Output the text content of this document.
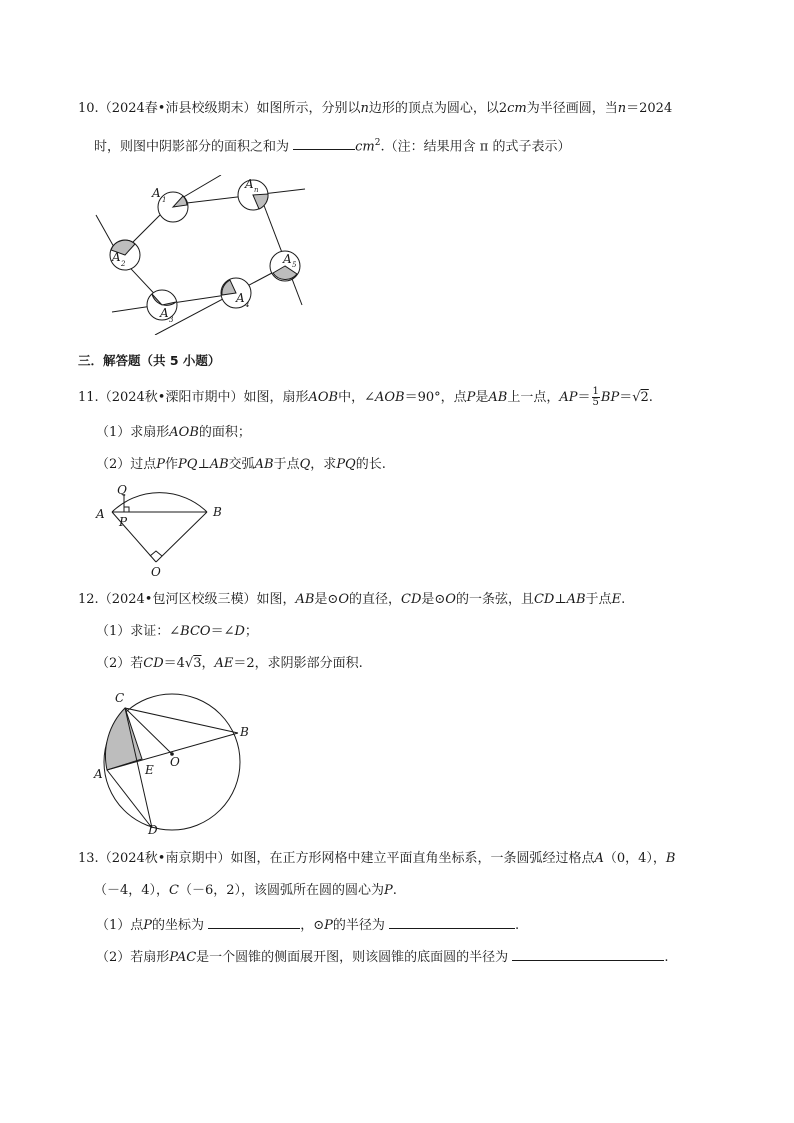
10.（2024春•沛县校级期末）如图所示，分别以n边形的顶点为圆心，以2cm为半径画圆，当n＝2024
时，则图中阴影部分的面积之和为	$cm^2$.（注：结果用含 π 的式子表示）
A 1
A n
A 2	A 5
A 3
A 4
三．解答题（共 5 小题）
11.（2024秋•溧阳市期中）如图，扇形AOB中，∠AOB＝90°，点P是AB上一点，$AP= \frac{1}{5} BP=√2$.
（1）求扇形AOB的面积；
（2）过点P作PQ⊥AB交弧AB于点Q，求PQ的长.
Q
A
P
B
O
12.（2024•包河区校级三模）如图，AB是⊙O的直径，CD是⊙O的一条弦，且CD⊥AB于点E.
（1）求证：∠BCO＝∠D；
（2）若CD＝4√3，AE＝2，求阴影部分面积.
C
B
O
A	E
D
13.（2024秋•南京期中）如图，在正方形网格中建立平面直角坐标系，一条圆弧经过格点A（0，4），B
（－4，4），C（－6，2），该圆弧所在圆的圆心为P.
（1）点P的坐标为	，⊙P的半径为	.
（2）若扇形PAC是一个圆锥的侧面展开图，则该圆锥的底面圆的半径为	.
